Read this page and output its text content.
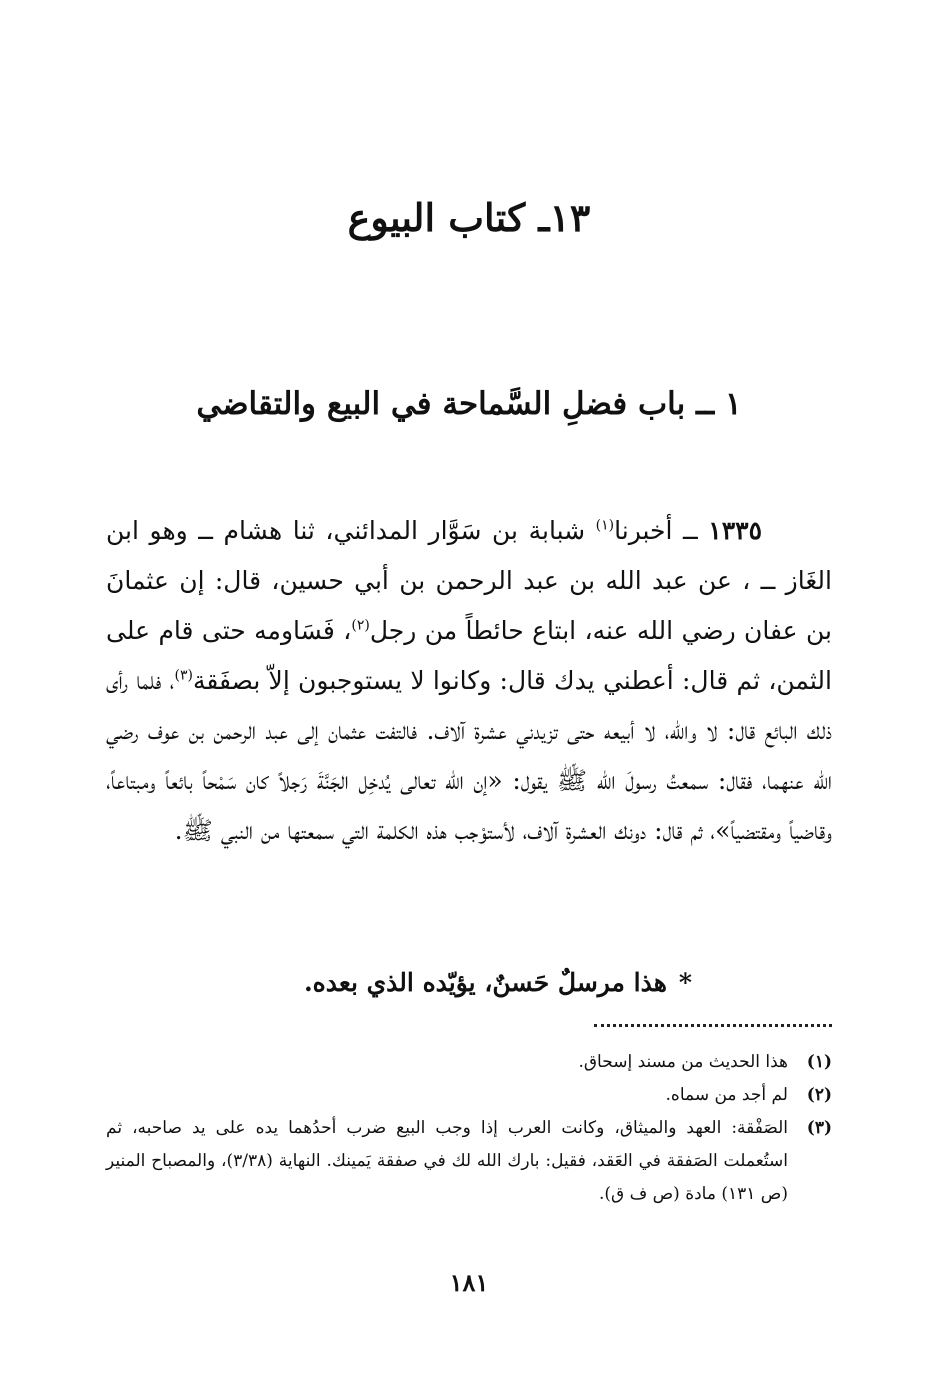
١٣ـ كتاب البيوع
١ ــ باب فضلِ السَّماحة في البيع والتقاضي

١٣٣٥ ــ أخبرنا$^{(١)}$ شبابة بن سَوَّار المدائني، ثنا هشام ــ وهو ابن الغَاز ــ ، عن عبد الله بن عبد الرحمن بن أبي حسين، قال: إن عثمانَ بن عفان رضي الله عنه، ابتاع حائطاً من رجل$^{(٢)}$، فَسَاومه حتى قام على الثمن، ثم قال: أعطني يدك قال: وكانوا لا يستوجبون إلاّ بصفَقة$^{(٣)}$، فلما رأى ذلك البائع قال: لا والله، لا أبيعه حتى تزيدني عشرة آلاف. فالتفت عثمان إلى عبد الرحمن بن عوف رضي الله عنهما، فقال: سمعتُ رسولَ الله ﷺ يقول: «إن الله تعالى يُدخِل الجَنَّةَ رَجلاً كان سَمْحاً بائعاً ومبتاعاً، وقاضياً ومقتضياً»، ثم قال: دونك العشرة آلاف، لأستوْجب هذه الكلمة التي سمعتها من النبي ﷺ.

*هذا مرسلٌ حَسنٌ، يؤيّده الذي بعده.

(١)
هذا الحديث من مسند إسحاق.
(٢)
لم أجد من سماه.
(٣)
الصَفْقة: العهد والميثاق، وكانت العرب إذا وجب البيع ضرب أحدُهما يده على يد صاحبه، ثم استُعملت الصَفقة في العَقد، فقيل: بارك الله لك في صفقة يَمينك. النهاية (٣/٣٨)، والمصباح المنير (ص ١٣١) مادة (ص ف ق).
١٨١
